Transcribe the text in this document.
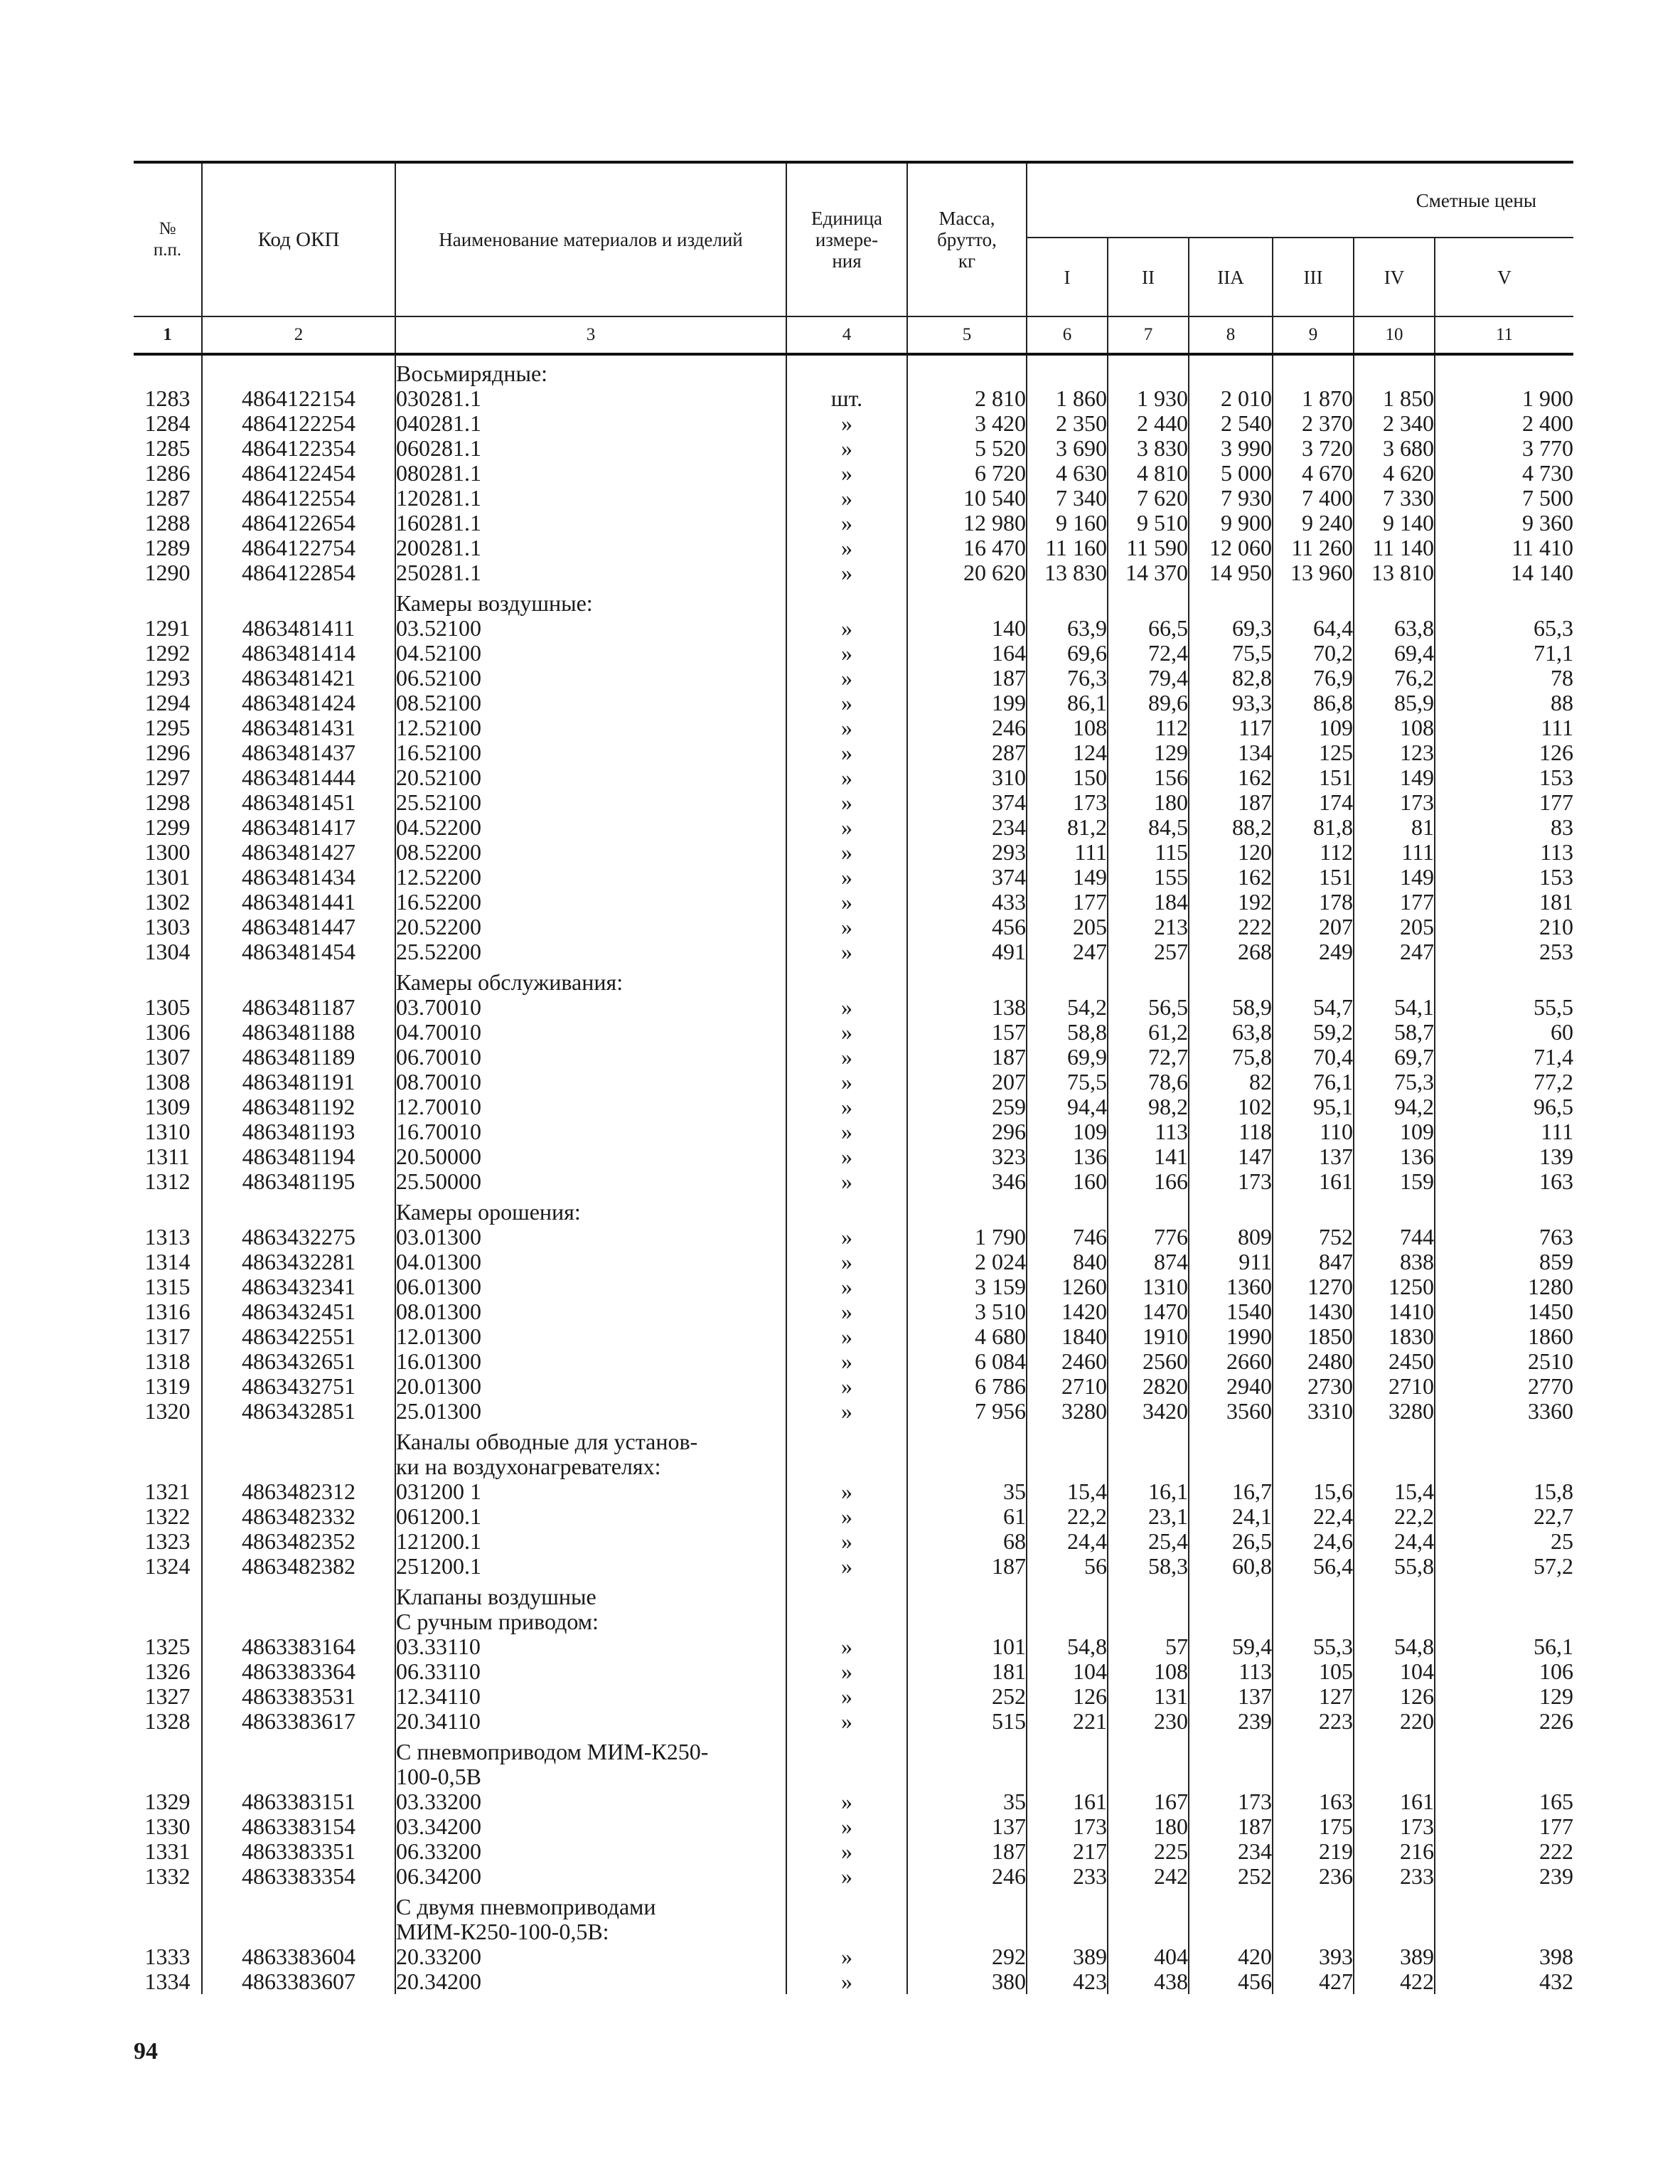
№
п.п.	Код ОКП	Наименование материалов и изделий	Единица
измере-
ния	Масса,
брутто,
кг	Сметные цены					
					I	II	IIA	III	IV	V
1	2	3	4	5	6	7	8	9	10	11

		Восьмирядные:								
1283	4864122154	030281.1	шт.	2 810	1 860	1 930	2 010	1 870	1 850	1 900
1284	4864122254	040281.1	»	3 420	2 350	2 440	2 540	2 370	2 340	2 400
1285	4864122354	060281.1	»	5 520	3 690	3 830	3 990	3 720	3 680	3 770
1286	4864122454	080281.1	»	6 720	4 630	4 810	5 000	4 670	4 620	4 730
1287	4864122554	120281.1	»	10 540	7 340	7 620	7 930	7 400	7 330	7 500
1288	4864122654	160281.1	»	12 980	9 160	9 510	9 900	9 240	9 140	9 360
1289	4864122754	200281.1	»	16 470	11 160	11 590	12 060	11 260	11 140	11 410
1290	4864122854	250281.1	»	20 620	13 830	14 370	14 950	13 960	13 810	14 140

		Камеры воздушные:								
1291	4863481411	03.52100	»	140	63,9	66,5	69,3	64,4	63,8	65,3
1292	4863481414	04.52100	»	164	69,6	72,4	75,5	70,2	69,4	71,1
1293	4863481421	06.52100	»	187	76,3	79,4	82,8	76,9	76,2	78
1294	4863481424	08.52100	»	199	86,1	89,6	93,3	86,8	85,9	88
1295	4863481431	12.52100	»	246	108	112	117	109	108	111
1296	4863481437	16.52100	»	287	124	129	134	125	123	126
1297	4863481444	20.52100	»	310	150	156	162	151	149	153
1298	4863481451	25.52100	»	374	173	180	187	174	173	177
1299	4863481417	04.52200	»	234	81,2	84,5	88,2	81,8	81	83
1300	4863481427	08.52200	»	293	111	115	120	112	111	113
1301	4863481434	12.52200	»	374	149	155	162	151	149	153
1302	4863481441	16.52200	»	433	177	184	192	178	177	181
1303	4863481447	20.52200	»	456	205	213	222	207	205	210
1304	4863481454	25.52200	»	491	247	257	268	249	247	253

		Камеры обслуживания:								
1305	4863481187	03.70010	»	138	54,2	56,5	58,9	54,7	54,1	55,5
1306	4863481188	04.70010	»	157	58,8	61,2	63,8	59,2	58,7	60
1307	4863481189	06.70010	»	187	69,9	72,7	75,8	70,4	69,7	71,4
1308	4863481191	08.70010	»	207	75,5	78,6	82	76,1	75,3	77,2
1309	4863481192	12.70010	»	259	94,4	98,2	102	95,1	94,2	96,5
1310	4863481193	16.70010	»	296	109	113	118	110	109	111
1311	4863481194	20.50000	»	323	136	141	147	137	136	139
1312	4863481195	25.50000	»	346	160	166	173	161	159	163

		Камеры орошения:								
1313	4863432275	03.01300	»	1 790	746	776	809	752	744	763
1314	4863432281	04.01300	»	2 024	840	874	911	847	838	859
1315	4863432341	06.01300	»	3 159	1260	1310	1360	1270	1250	1280
1316	4863432451	08.01300	»	3 510	1420	1470	1540	1430	1410	1450
1317	4863422551	12.01300	»	4 680	1840	1910	1990	1850	1830	1860
1318	4863432651	16.01300	»	6 084	2460	2560	2660	2480	2450	2510
1319	4863432751	20.01300	»	6 786	2710	2820	2940	2730	2710	2770
1320	4863432851	25.01300	»	7 956	3280	3420	3560	3310	3280	3360

		Каналы обводные для установ-								
		ки на воздухонагревателях:								
1321	4863482312	031200 1	»	35	15,4	16,1	16,7	15,6	15,4	15,8
1322	4863482332	061200.1	»	61	22,2	23,1	24,1	22,4	22,2	22,7
1323	4863482352	121200.1	»	68	24,4	25,4	26,5	24,6	24,4	25
1324	4863482382	251200.1	»	187	56	58,3	60,8	56,4	55,8	57,2

		Клапаны воздушные								
		С ручным приводом:								
1325	4863383164	03.33110	»	101	54,8	57	59,4	55,3	54,8	56,1
1326	4863383364	06.33110	»	181	104	108	113	105	104	106
1327	4863383531	12.34110	»	252	126	131	137	127	126	129
1328	4863383617	20.34110	»	515	221	230	239	223	220	226

		С пневмоприводом МИМ-К250-								
		100-0,5В								
1329	4863383151	03.33200	»	35	161	167	173	163	161	165
1330	4863383154	03.34200	»	137	173	180	187	175	173	177
1331	4863383351	06.33200	»	187	217	225	234	219	216	222
1332	4863383354	06.34200	»	246	233	242	252	236	233	239

		С двумя пневмоприводами								
		МИМ-К250-100-0,5В:								
1333	4863383604	20.33200	»	292	389	404	420	393	389	398
1334	4863383607	20.34200	»	380	423	438	456	427	422	432
94
